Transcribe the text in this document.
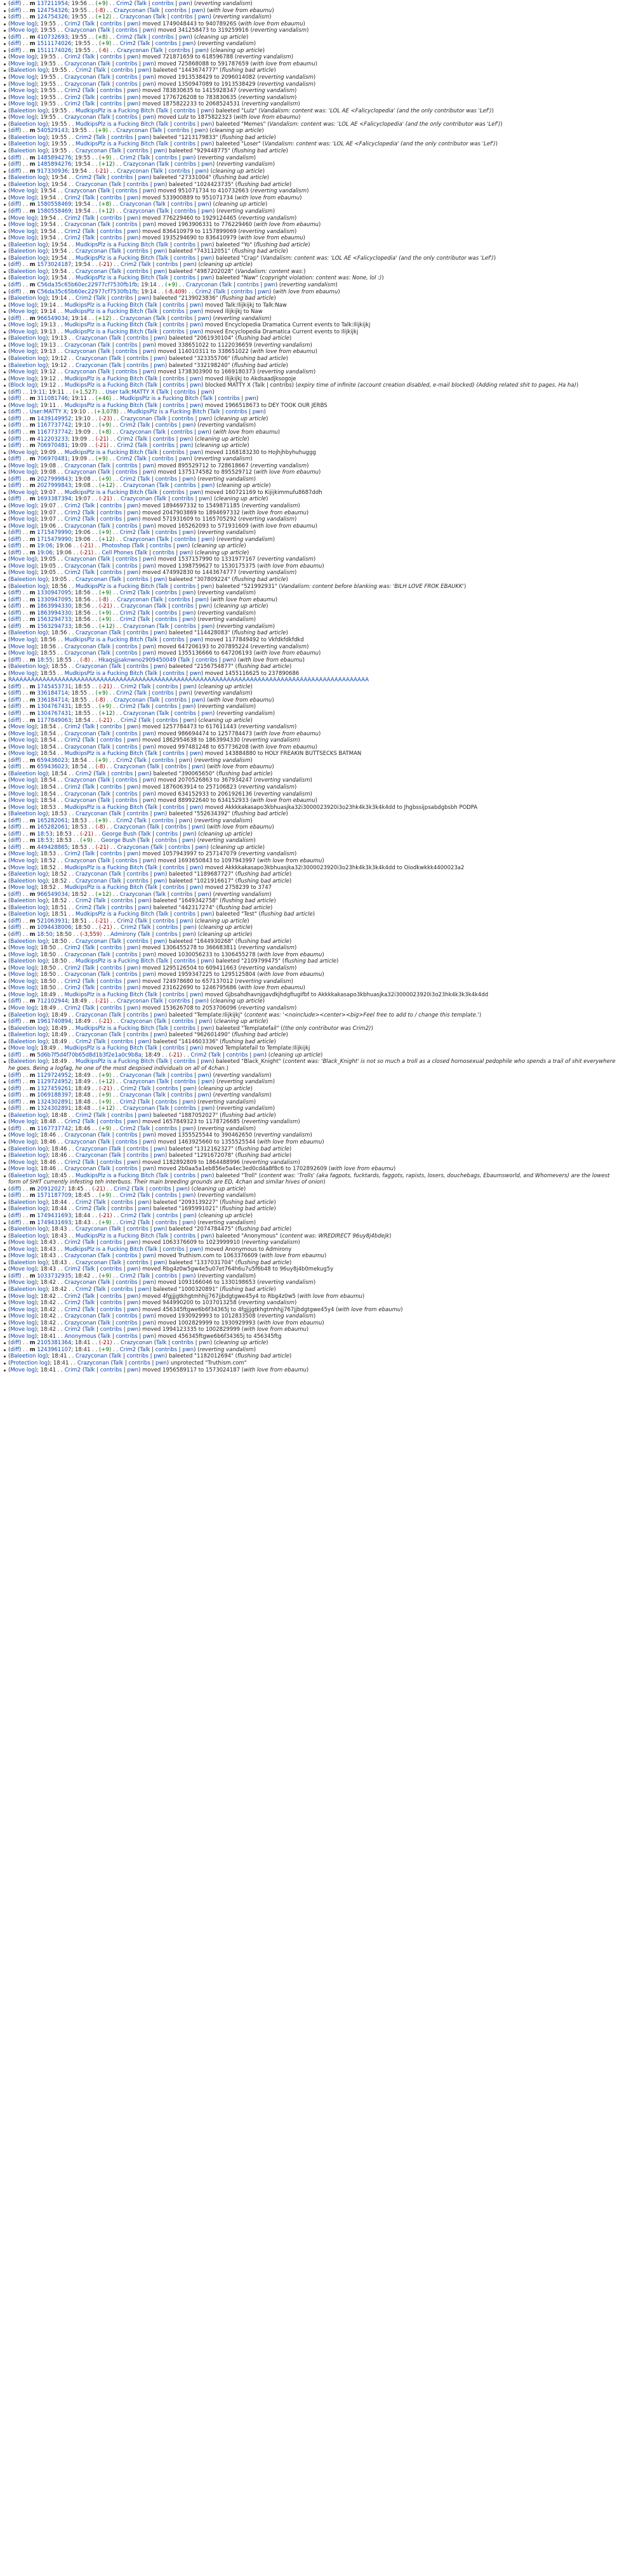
(diff) . . m 137211954; 19:56 . . (+9) . . Crim2 (Talk | contribs | pwn) (reverting vandalism)
(diff) . . m 124754326; 19:55 . . (-8) . . Crazyconan (Talk | contribs | pwn) (with love from ebaumu)
(diff) . . m 124754326; 19:55 . . (+12) . . Crazyconan (Talk | contribs | pwn) (reverting vandalism)
(Move log); 19:55 . . Crim2 (Talk | contribs | pwn) moved 1749048443 to 94078926S (with love from ebaumu)
(Move log); 19:55 . . Crazyconan (Talk | contribs | pwn) moved 341258473 to 319259916 (reverting vandalism)
(diff) . . m 410732693; 19:55 . . (+8) . . Crim2 (Talk | contribs | pwn) (cleaning up article)
(diff) . . m 1511174026; 19:55 . . (+9) . . Crim2 (Talk | contribs | pwn) (reverting vandalism)
(diff) . . m 1511174026; 19:55 . . (-6) . . Crazyconan (Talk | contribs | pwn) (cleaning up article)
(Move log); 19:55 . . Crim2 (Talk | contribs | pwn) moved 721871659 to 618596788 (reverting vandalism)
(Move log); 19:55 . . Crazyconan (Talk | contribs | pwn) moved 725868088 to 591787659 (with love from ebaumu)
(Baleetion log); 19:55 . . Crim2 (Talk | contribs | pwn) baleeted "1443674777" (flushing bad article)
(Move log); 19:55 . . Crazyconan (Talk | contribs | pwn) moved 1913538429 to 2096014082 (reverting vandalism)
(Move log); 19:55 . . Crazyconan (Talk | contribs | pwn) moved 1350947089 to 1913538429 (reverting vandalism)
(Move log); 19:55 . . Crim2 (Talk | contribs | pwn) moved 783830635 to 1415928347 (reverting vandalism)
(Move log); 19:55 . . Crim2 (Talk | contribs | pwn) moved 1776726208 to 783830635 (reverting vandalism)
(Move log); 19:55 . . Crim2 (Talk | contribs | pwn) moved 1875822233 to 2068524531 (reverting vandalism)
(Baleetion log); 19:55 . . MudkipsPlz is a Fucking Bitch (Talk | contribs | pwn) baleeted "Lulz" (Vandalism: content was: 'LOL AE <Falicyclopedia' (and the only contributor was 'Lef'))
(Move log); 19:55 . . Crazyconan (Talk | contribs | pwn) moved Lulz to 1875822323 (with love from ebaumu)
(Baleetion log); 19:55 . . MudkipsPlz is a Fucking Bitch (Talk | contribs | pwn) baleeted "Memes" (Vandalism: content was: 'LOL AE <Falicyclopedia' (and the only contributor was 'Lef'))
(diff) . . m 540529143; 19:55 . . (+9) . . Crazyconan (Talk | contribs | pwn) (cleaning up article)
(Baleetion log); 19:55 . . Crim2 (Talk | contribs | pwn) baleeted "1213179833" (flushing bad article)
(Baleetion log); 19:55 . . MudkipsPlz is a Fucking Bitch (Talk | contribs | pwn) baleeted "Loser" (Vandalism: content was: 'LOL AE <Falicyclopedia' (and the only contributor was 'Lef'))
(Baleetion log); 19:55 . . Crazyconan (Talk | contribs | pwn) baleeted "929448775" (flushing bad article)
(diff) . . m 1485894276; 19:55 . . (+9) . . Crim2 (Talk | contribs | pwn) (reverting vandalism)
(diff) . . m 1485894276; 19:54 . . (+12) . . Crazyconan (Talk | contribs | pwn) (reverting vandalism)
(diff) . . m 917330936; 19:54 . . (-21) . . Crazyconan (Talk | contribs | pwn) (cleaning up article)
(Baleetion log); 19:54 . . Crim2 (Talk | contribs | pwn) baleeted "27331004" (flushing bad article)
(Baleetion log); 19:54 . . Crazyconan (Talk | contribs | pwn) baleeted "1024423735" (flushing bad article)
(Move log); 19:54 . . Crazyconan (Talk | contribs | pwn) moved 951071734 to 410732663 (reverting vandalism)
(Move log); 19:54 . . Crim2 (Talk | contribs | pwn) moved 533900889 to 951071734 (with love from ebaumu)
(diff) . . m 1580558469; 19:54 . . (+8) . . Crazyconan (Talk | contribs | pwn) (cleaning up article)
(diff) . . m 1580558469; 19:54 . . (+12) . . Crazyconan (Talk | contribs | pwn) (reverting vandalism)
(Move log); 19:54 . . Crim2 (Talk | contribs | pwn) moved 776229460 to 1929124465 (reverting vandalism)
(Move log); 19:54 . . Crazyconan (Talk | contribs | pwn) moved 1963906331 to 776229460 (with love from ebaumu)
(Move log); 19:54 . . Crim2 (Talk | contribs | pwn) moved 836410979 to 1157899069 (reverting vandalism)
(Move log); 19:54 . . Crim2 (Talk | contribs | pwn) moved 1935294690 to 836410979 (with love from ebaumu)
(Baleetion log); 19:54 . . MudkipsPlz is a Fucking Bitch (Talk | contribs | pwn) baleeted "Yo" (flushing bad article)
(Baleetion log); 19:54 . . Crazyconan (Talk | contribs | pwn) baleeted "743112051" (flushing bad article)
(Baleetion log); 19:54 . . MudkipsPlz is a Fucking Bitch (Talk | contribs | pwn) baleeted "Crap" (Vandalism: content was: 'LOL AE <Falicyclopedia' (and the only contributor was 'Lef'))
(diff) . . m 1573024187; 19:54 . . (-21) . . Crim2 (Talk | contribs | pwn) (cleaning up article)
(Baleetion log); 19:54 . . Crazyconan (Talk | contribs | pwn) baleeted "4987202028" (Vandalism: content was:)
(Baleetion log); 19:54 . . MudkipsPlz is a Fucking Bitch (Talk | contribs | pwn) baleeted "Naw" (copyright violation: content was: None, lol :))
(diff) . . m C56da35c65b60ec22977cf7530fb1fb; 19:14 . . (+9) . . Crazyconan (Talk | contribs | pwn) (reverting vandalism)
(diff) . . m C56da35c65b60ec22977cf7530fb1fb; 19:14 . . (-8,409) . . Crim2 (Talk | contribs | pwn) (with love from ebaumu)
(Baleetion log); 19:14 . . Crim2 (Talk | contribs | pwn) baleeted "2139023836" (flushing bad article)
(Move log); 19:14 . . MudkipsPlz is a Fucking Bitch (Talk | contribs | pwn) moved Talk:Ilijkijkj to Talk:Naw
(Move log); 19:14 . . MudkipsPlz is a Fucking Bitch (Talk | contribs | pwn) moved Ilijkijkj to Naw
(diff) . . m 966549034; 19:14 . . (+12) . . Crazyconan (Talk | contribs | pwn) (reverting vandalism)
(Move log); 19:13 . . MudkipsPlz is a Fucking Bitch (Talk | contribs | pwn) moved Encyclopedia Dramatica Current events to Talk:Ilijkijkj
(Move log); 19:13 . . MudkipsPlz is a Fucking Bitch (Talk | contribs | pwn) moved Encyclopedia Dramatica Current events to Ilijkijkj
(Baleetion log); 19:13 . . Crazyconan (Talk | contribs | pwn) baleeted "2061930104" (flushing bad article)
(Move log); 19:13 . . Crazyconan (Talk | contribs | pwn) moved 338651022 to 1122036659 (reverting vandalism)
(Move log); 19:13 . . Crazyconan (Talk | contribs | pwn) moved 114010311 to 338651022 (with love from ebaumu)
(Baleetion log); 19:12 . . Crazyconan (Talk | contribs | pwn) baleeted "323355706" (flushing bad article)
(Baleetion log); 19:12 . . Crazyconan (Talk | contribs | pwn) baleeted "332198240" (flushing bad article)
(Move log); 19:12 . . Crazyconan (Talk | contribs | pwn) moved 1738303900 to 1669180373 (reverting vandalism)
(Move log); 19:12 . . MudkipsPlz is a Fucking Bitch (Talk | contribs | pwn) moved Ilijkijkj to Akdsaadjksogoje
(Block log); 19:12 . . MudkipsPlz is a Fucking Bitch (Talk | contribs | pwn) blocked MATTY X (Talk | contribs) (expiry time of infinite (account creation disabled, e-mail blocked) (Adding related shit to pages. Ha ha))
(diff) . . 19:11; 19:11 . . (+1,527) . . User talk:MATTY X (Talk | contribs | pwn)
(diff) . . m 311081746; 19:11 . . (+46) . . MudkipsPlz is a Fucking Bitch (Talk | contribs | pwn)
(Move log); 19:11 . . MudkipsPlz is a Fucking Bitch (Talk | contribs | pwn) moved 1966518673 to DEY TOOK OUR JERBS
(diff) . . User:MATTY X; 19:10 . . (+3,078) . . MudkipsPlz is a Fucking Bitch (Talk | contribs | pwn)
(diff) . . m 1439149952; 19:10 . . (-23) . . Crazyconan (Talk | contribs | pwn) (cleaning up article)
(diff) . . m 1167737742; 19:10 . . (+9) . . Crim2 (Talk | contribs | pwn) (reverting vandalism)
(diff) . . m 1167737742; 19:09 . . (+8) . . Crazyconan (Talk | contribs | pwn) (with love from ebaumu)
(diff) . . m 412203233; 19:09 . . (-21) . . Crim2 (Talk | contribs | pwn) (cleaning up article)
(diff) . . m 706970481; 19:09 . . (-21) . . Crim2 (Talk | contribs | pwn) (cleaning up article)
(Move log); 19:09 . . MudkipsPlz is a Fucking Bitch (Talk | contribs | pwn) moved 1168183230 to Hojhjhbyhuhuggg
(diff) . . m 706970481; 19:09 . . (+9) . . Crim2 (Talk | contribs | pwn) (reverting vandalism)
(Move log); 19:08 . . Crazyconan (Talk | contribs | pwn) moved 895529712 to 728618667 (reverting vandalism)
(Move log); 19:08 . . Crazyconan (Talk | contribs | pwn) moved 1375174582 to 895529712 (with love from ebaumu)
(diff) . . m 2027999843; 19:08 . . (+9) . . Crim2 (Talk | contribs | pwn) (reverting vandalism)
(diff) . . m 2027999843; 19:08 . . (+12) . . Crazyconan (Talk | contribs | pwn) (cleaning up article)
(Move log); 19:07 . . MudkipsPlz is a Fucking Bitch (Talk | contribs | pwn) moved 160721169 to Kijijkimmufu8687ddh
(diff) . . m 1693387394; 19:07 . . (-21) . . Crazyconan (Talk | contribs | pwn) (cleaning up article)
(Move log); 19:07 . . Crim2 (Talk | contribs | pwn) moved 1894697332 to 1549871185 (reverting vandalism)
(Move log); 19:07 . . Crim2 (Talk | contribs | pwn) moved 2047903869 to 1894697332 (with love from ebaumu)
(Move log); 19:07 . . Crim2 (Talk | contribs | pwn) moved 571931609 to 1165705292 (reverting vandalism)
(Move log); 19:06 . . Crazyconan (Talk | contribs | pwn) moved 165262093 to 571931609 (with love from ebaumu)
(diff) . . m 1715479990; 19:06 . . (+9) . . Crim2 (Talk | contribs | pwn) (reverting vandalism)
(diff) . . m 1715479990; 19:06 . . (+12) . . Crazyconan (Talk | contribs | pwn) (reverting vandalism)
(diff) . . m 19:06; 19:06 . . (-21) . . Photoshop (Talk | contribs | pwn) (cleaning up article)
(diff) . . m 19:06; 19:06 . . (-21) . . Cell Phones (Talk | contribs | pwn) (cleaning up article)
(Move log); 19:05 . . Crazyconan (Talk | contribs | pwn) moved 1537157990 to 1331977167 (reverting vandalism)
(Move log); 19:05 . . Crazyconan (Talk | contribs | pwn) moved 1398759627 to 1530175375 (with love from ebaumu)
(Move log); 19:05 . . Crim2 (Talk | contribs | pwn) moved 474992830 to 1443674777 (reverting vandalism)
(Baleetion log); 19:05 . . Crazyconan (Talk | contribs | pwn) baleeted "307809224" (flushing bad article)
(Baleetion log); 18:56 . . MudkipsPlz is a Fucking Bitch (Talk | contribs | pwn) baleeted "521992931" (Vandalism: content before blanking was: 'BILH LOVE FROK EBAUKK')
(diff) . . m 1330947095; 18:56 . . (+9) . . Crim2 (Talk | contribs | pwn) (reverting vandalism)
(diff) . . m 1330947095; 18:56 . . (-8) . . Crazyconan (Talk | contribs | pwn) (with love from ebaumu)
(diff) . . m 1863994330; 18:56 . . (-21) . . Crazyconan (Talk | contribs | pwn) (cleaning up article)
(diff) . . m 1863994330; 18:56 . . (+9) . . Crim2 (Talk | contribs | pwn) (reverting vandalism)
(diff) . . m 1563294733; 18:56 . . (+9) . . Crim2 (Talk | contribs | pwn) (reverting vandalism)
(diff) . . m 1563294733; 18:56 . . (+12) . . Crazyconan (Talk | contribs | pwn) (reverting vandalism)
(Baleetion log); 18:56 . . Crazyconan (Talk | contribs | pwn) baleeted "114428083" (flushing bad article)
(Move log); 18:56 . . MudkipsPlz is a Fucking Bitch (Talk | contribs | pwn) moved 1177849492 to Vkfdkfdkfdkd
(Move log); 18:56 . . Crazyconan (Talk | contribs | pwn) moved 647206193 to 207895224 (reverting vandalism)
(Move log); 18:55 . . Crazyconan (Talk | contribs | pwn) moved 1355136666 to 647206193 (with love from ebaumu)
(diff) . . m 18:55; 18:55 . . (-8) . . Hkaqsjjsaknwno2909450049 (Talk | contribs | pwn) (with love from ebaumu)
(Baleetion log); 18:55 . . Crazyconan (Talk | contribs | pwn) baleeted "2156754877" (flushing bad article)
(Move log); 18:55 . . MudkipsPlz is a Fucking Bitch (Talk | contribs | pwn) moved 1455116625 to 237890686
RAAAAAAAAAAAAAAAAAAAAAAAAAAAAAAAAAAAAAAAAAAAAAAAAAAAAAAAAAAAAAAAAAAAAAAAAAAAAAAAAAAAAAAAAAAAAA
(diff) . . m 1745453731; 18:55 . . (-21) . . Crim2 (Talk | contribs | pwn) (cleaning up article)
(diff) . . m 336184714; 18:55 . . (+9) . . Crim2 (Talk | contribs | pwn) (reverting vandalism)
(diff) . . m 336184714; 18:55 . . (-8) . . Crazyconan (Talk | contribs | pwn) (with love from ebaumu)
(diff) . . m 1304767431; 18:55 . . (+9) . . Crim2 (Talk | contribs | pwn) (reverting vandalism)
(diff) . . m 1304767431; 18:55 . . (+12) . . Crazyconan (Talk | contribs | pwn) (reverting vandalism)
(diff) . . m 1177849063; 18:54 . . (-21) . . Crim2 (Talk | contribs | pwn) (cleaning up article)
(Move log); 18:54 . . Crim2 (Talk | contribs | pwn) moved 1257784473 to 617611443 (reverting vandalism)
(Move log); 18:54 . . Crazyconan (Talk | contribs | pwn) moved 986694474 to 1257784473 (with love from ebaumu)
(Move log); 18:54 . . Crim2 (Talk | contribs | pwn) moved 1862954638 to 1863994330 (reverting vandalism)
(Move log); 18:54 . . Crazyconan (Talk | contribs | pwn) moved 997481248 to 657736208 (with love from ebaumu)
(Move log); 18:54 . . MudkipsPlz is a Fucking Bitch (Talk | contribs | pwn) moved 143884880 to HOLY FREAKIN BUTTSECKS BATMAN
(diff) . . m 659436023; 18:54 . . (+9) . . Crim2 (Talk | contribs | pwn) (reverting vandalism)
(diff) . . m 659436023; 18:54 . . (-8) . . Crazyconan (Talk | contribs | pwn) (with love from ebaumu)
(Baleetion log); 18:54 . . Crim2 (Talk | contribs | pwn) baleeted "390065650" (flushing bad article)
(Move log); 18:54 . . Crazyconan (Talk | contribs | pwn) moved 2070526863 to 367934247 (reverting vandalism)
(Move log); 18:54 . . Crim2 (Talk | contribs | pwn) moved 1876063914 to 257106823 (reverting vandalism)
(Move log); 18:54 . . Crazyconan (Talk | contribs | pwn) moved 634152933 to 2061926136 (reverting vandalism)
(Move log); 18:54 . . Crazyconan (Talk | contribs | pwn) moved 889922640 to 634152933 (with love from ebaumu)
(Move log); 18:53 . . MudkipsPlz is a Fucking Bitch (Talk | contribs | pwn) moved Akkkkakasapo3kbhuasjka32i3000023920i3o23hk4k3k3k4k4dd to Jhgbssijpsabdgbsbh PODPA
(Baleetion log); 18:53 . . Crazyconan (Talk | contribs | pwn) baleeted "552634392" (flushing bad article)
(diff) . . m 165282061; 18:53 . . (+9) . . Crim2 (Talk | contribs | pwn) (reverting vandalism)
(diff) . . m 165282061; 18:53 . . (-8) . . Crazyconan (Talk | contribs | pwn) (with love from ebaumu)
(diff) . . m 18:53; 18:53 . . (-21) . . George Bush (Talk | contribs | pwn) (cleaning up article)
(diff) . . m 18:53; 18:53 . . (+9) . . George Bush (Talk | contribs | pwn) (reverting vandalism)
(diff) . . m 449428865; 18:53 . . (-21) . . Crazyconan (Talk | contribs | pwn) (cleaning up article)
(Move log); 18:53 . . Crim2 (Talk | contribs | pwn) moved 1057943997 to 257147079 (reverting vandalism)
(Move log); 18:52 . . Crazyconan (Talk | contribs | pwn) moved 1693650843 to 1097943997 (with love from ebaumu)
(Move log); 18:52 . . MudkipsPlz is a Fucking Bitch (Talk | contribs | pwn) moved Akkkkakasapo3kbhuasjka32i3000023920i3o23hk4k3k3k4k4dd to Oiodkwkkk4400023a2
(Baleetion log); 18:52 . . Crazyconan (Talk | contribs | pwn) baleeted "1189687727" (flushing bad article)
(Baleetion log); 18:52 . . Crazyconan (Talk | contribs | pwn) baleeted "1021916617" (flushing bad article)
(Move log); 18:52 . . MudkipsPlz is a Fucking Bitch (Talk | contribs | pwn) moved 2758239 to 3747
(diff) . . m 966549034; 18:52 . . (+12) . . Crazyconan (Talk | contribs | pwn) (reverting vandalism)
(Baleetion log); 18:52 . . Crim2 (Talk | contribs | pwn) baleeted "1649342758" (flushing bad article)
(Baleetion log); 18:51 . . Crim2 (Talk | contribs | pwn) baleeted "442317274" (flushing bad article)
(Baleetion log); 18:51 . . MudkipsPlz is a Fucking Bitch (Talk | contribs | pwn) baleeted "Test" (flushing bad article)
(diff) . . m 521063931; 18:51 . . (-21) . . Crim2 (Talk | contribs | pwn) (cleaning up article)
(diff) . . m 1094438006; 18:50 . . (-21) . . Crim2 (Talk | contribs | pwn) (cleaning up article)
(diff) . . m 18:50; 18:50 . . (-3,559) . . Admirony (Talk | contribs | pwn) (cleaning up article)
(Baleetion log); 18:50 . . Crazyconan (Talk | contribs | pwn) baleeted "1644930268" (flushing bad article)
(Move log); 18:50 . . Crim2 (Talk | contribs | pwn) moved 1306455278 to 366683811 (reverting vandalism)
(Move log); 18:50 . . Crazyconan (Talk | contribs | pwn) moved 1030056233 to 1306455278 (with love from ebaumu)
(Baleetion log); 18:50 . . MudkipsPlz is a Fucking Bitch (Talk | contribs | pwn) baleeted "2109799475" (flushing bad article)
(Move log); 18:50 . . Crim2 (Talk | contribs | pwn) moved 1295126504 to 609411663 (reverting vandalism)
(Move log); 18:50 . . Crazyconan (Talk | contribs | pwn) moved 1959347225 to 1295125804 (with love from ebaumu)
(Move log); 18:50 . . Crim2 (Talk | contribs | pwn) moved 724978680 to 657137012 (reverting vandalism)
(Move log); 18:50 . . Crim2 (Talk | contribs | pwn) moved 231622690 to 1246795686 (with love from ebaumu)
(Move log); 18:49 . . MudkipsPlz is a Fucking Bitch (Talk | contribs | pwn) moved Gjbsahdhavnjgavdkjhdgfiugifbf to Akkkkakasapo3kbhuasjka32i3000023920i3o23hk4k3k3k4k4dd
(diff) . . m 712102944; 18:49 . . (-21) . . Crazyconan (Talk | contribs | pwn) (cleaning up article)
(Move log); 18:49 . . Crim2 (Talk | contribs | pwn) moved 153626708 to 2053706096 (reverting vandalism)
(Baleetion log); 18:49 . . Crazyconan (Talk | contribs | pwn) baleeted "Template:Ilijkijkj" (content was: '<noinclude><center><big>Feel free to add to / change this template.')
(diff) . . m 1961740894; 18:49 . . (-21) . . Crazyconan (Talk | contribs | pwn) (cleaning up article)
(Baleetion log); 18:49 . . MudkipsPlz is a Fucking Bitch (Talk | contribs | pwn) baleeted "Templatefail" ((the only contributor was Crim2))
(Baleetion log); 18:49 . . Crazyconan (Talk | contribs | pwn) baleeted "962601490" (flushing bad article)
(Baleetion log); 18:49 . . Crim2 (Talk | contribs | pwn) baleeted "1414603336" (flushing bad article)
(Move log); 18:49 . . MudkipsPlz is a Fucking Bitch (Talk | contribs | pwn) moved Templatefail to Template:Ilijkijkj
(diff) . . m 5d6b7f5d4f70b65d8d1b3f2e1a0c9b8a; 18:49 . . (-21) . . Crim2 (Talk | contribs | pwn) (cleaning up article)
(Baleetion log); 18:49 . . MudkipsPlz is a Fucking Bitch (Talk | contribs | pwn) baleeted "Black_Knight" (content was: 'Black_Knight' is not so much a troll as a closed homosexual pedophile who spends a trail of shit everywhere he goes. Being a logfag, he one of the most despised individuals on all of 4chan.)
(diff) . . m 1129724952; 18:49 . . (+9) . . Crazyconan (Talk | contribs | pwn) (reverting vandalism)
(diff) . . m 1129724952; 18:49 . . (+12) . . Crazyconan (Talk | contribs | pwn) (reverting vandalism)
(diff) . . m 1327459261; 18:49 . . (-21) . . Crim2 (Talk | contribs | pwn) (cleaning up article)
(diff) . . m 1069188397; 18:48 . . (+9) . . Crazyconan (Talk | contribs | pwn) (reverting vandalism)
(diff) . . m 1324302891; 18:48 . . (+9) . . Crim2 (Talk | contribs | pwn) (reverting vandalism)
(diff) . . m 1324302891; 18:48 . . (+12) . . Crazyconan (Talk | contribs | pwn) (reverting vandalism)
(Baleetion log); 18:48 . . Crim2 (Talk | contribs | pwn) baleeted "1887052027" (flushing bad article)
(Move log); 18:48 . . Crim2 (Talk | contribs | pwn) moved 1657849323 to 1178726685 (reverting vandalism)
(diff) . . m 1167737742; 18:46 . . (+9) . . Crim2 (Talk | contribs | pwn) (reverting vandalism)
(Move log); 18:46 . . Crazyconan (Talk | contribs | pwn) moved 1355525544 to 390462650 (reverting vandalism)
(Move log); 18:46 . . Crazyconan (Talk | contribs | pwn) moved 1463925660 to 1355525544 (with love from ebaumu)
(Baleetion log); 18:46 . . Crazyconan (Talk | contribs | pwn) baleeted "1312162327" (flushing bad article)
(Baleetion log); 18:46 . . Crazyconan (Talk | contribs | pwn) baleeted "1291672078" (flushing bad article)
(Move log); 18:46 . . Crim2 (Talk | contribs | pwn) moved 1182892809 to 1864488996 (reverting vandalism)
(Move log); 18:46 . . Crazyconan (Talk | contribs | pwn) moved 2b0aa5a1eb856e5a4ec3ed0cd4a8f8c6 to 1702892609 (with love from ebaumu)
(Baleetion log); 18:45 . . MudkipsPlz is a Fucking Bitch (Talk | contribs | pwn) baleeted "Troll" (content was: 'Trolls' (aka fagpots, fucktards, faggots, rapists, losers, douchebags, Ebaumsworld, and Whomevers) are the lowest form of SHIT currently infesting teh interbuss. Their main breeding grounds are ED, 4chan and similar hives of onion)
(diff) . . m 20912027; 18:45 . . (-21) . . Crim2 (Talk | contribs | pwn) (cleaning up article)
(diff) . . m 1571187709; 18:45 . . (+9) . . Crim2 (Talk | contribs | pwn) (reverting vandalism)
(Baleetion log); 18:44 . . Crim2 (Talk | contribs | pwn) baleeted "2093139227" (flushing bad article)
(Baleetion log); 18:44 . . Crim2 (Talk | contribs | pwn) baleeted "1695991021" (flushing bad article)
(diff) . . m 1749431693; 18:44 . . (-21) . . Crim2 (Talk | contribs | pwn) (cleaning up article)
(diff) . . m 1749431693; 18:43 . . (+9) . . Crim2 (Talk | contribs | pwn) (reverting vandalism)
(Baleetion log); 18:43 . . Crazyconan (Talk | contribs | pwn) baleeted "2074784475" (flushing bad article)
(Baleetion log); 18:43 . . MudkipsPlz is a Fucking Bitch (Talk | contribs | pwn) baleeted "Anonymous" (content was: WREDIRECT 96uy8j4bdejk)
(Move log); 18:43 . . Crim2 (Talk | contribs | pwn) moved 1063376609 to 1023999910 (reverting vandalism)
(Move log); 18:43 . . MudkipsPlz is a Fucking Bitch (Talk | contribs | pwn) moved Anonymous to Admirony
(Move log); 18:43 . . Crazyconan (Talk | contribs | pwn) moved Truthism.com to 1063376609 (with love from ebaumu)
(Baleetion log); 18:43 . . Crazyconan (Talk | contribs | pwn) baleeted "1337031704" (flushing bad article)
(Move log); 18:43 . . Crim2 (Talk | contribs | pwn) moved Rbg4z0w5gw4e5u07et764h6u7u5f6b48 to 96uy8j4b0mekug5y
(diff) . . m 1033732935; 18:42 . . (+9) . . Crim2 (Talk | contribs | pwn) (reverting vandalism)
(Move log); 18:42 . . Crazyconan (Talk | contribs | pwn) moved 1093166046 to 1330198653 (reverting vandalism)
(Baleetion log); 18:42 . . Crim2 (Talk | contribs | pwn) baleeted "1000320891" (flushing bad article)
(Move log); 18:42 . . Crim2 (Talk | contribs | pwn) moved 4fgjjjgtkhgtmhhjj767jjbdgtgwe45y4 to Rbg4z0w5 (with love from ebaumu)
(Move log); 18:42 . . Crim2 (Talk | contribs | pwn) moved 944990200 to 1037013258 (reverting vandalism)
(Move log); 18:42 . . Crim2 (Talk | contribs | pwn) moved 456345ftgwe6b6f34365j to 4fgjjjgtkhgtmhhjj767jjbdgtgwe45y4 (with love from ebaumu)
(Move log); 18:42 . . Crazyconan (Talk | contribs | pwn) moved 1930929993 to 1012833508 (reverting vandalism)
(Move log); 18:42 . . Crazyconan (Talk | contribs | pwn) moved 1002829999 to 1930929993 (with love from ebaumu)
(Move log); 18:42 . . Crim2 (Talk | contribs | pwn) moved 1994123335 to 1002829999 (with love from ebaumu)
(Move log); 18:41 . . Anonymous (Talk | contribs | pwn) moved 456345ftgwe6b6f34365j to 456345ftg
(diff) . . m 2105381364; 18:41 . . (-21) . . Crazyconan (Talk | contribs | pwn) (cleaning up article)
(diff) . . m 1243961107; 18:41 . . (+9) . . Crim2 (Talk | contribs | pwn) (reverting vandalism)
(Baleetion log); 18:41 . . Crazyconan (Talk | contribs | pwn) baleeted "1182012694" (flushing bad article)
(Protection log); 18:41 . . Crazyconan (Talk | contribs | pwn) unprotected "Truthism.com"
(Move log); 18:41 . . Crim2 (Talk | contribs | pwn) moved 1956589117 to 1573024187 (with love from ebaumu)
